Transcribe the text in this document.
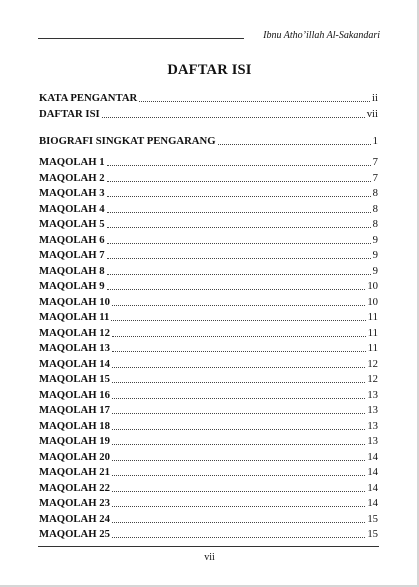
Ibnu Atho’illah Al-Sakandari
DAFTAR ISI
KATA PENGANTAR	ii
DAFTAR ISI	vii
BIOGRAFI SINGKAT PENGARANG	1
MAQOLAH 1	7
MAQOLAH 2	7
MAQOLAH 3	8
MAQOLAH 4	8
MAQOLAH 5	8
MAQOLAH 6	9
MAQOLAH 7	9
MAQOLAH 8	9
MAQOLAH 9	10
MAQOLAH 10	10
MAQOLAH 11	11
MAQOLAH 12	11
MAQOLAH 13	11
MAQOLAH 14	12
MAQOLAH 15	12
MAQOLAH 16	13
MAQOLAH 17	13
MAQOLAH 18	13
MAQOLAH 19	13
MAQOLAH 20	14
MAQOLAH 21	14
MAQOLAH 22	14
MAQOLAH 23	14
MAQOLAH 24	15
MAQOLAH 25	15
vii
